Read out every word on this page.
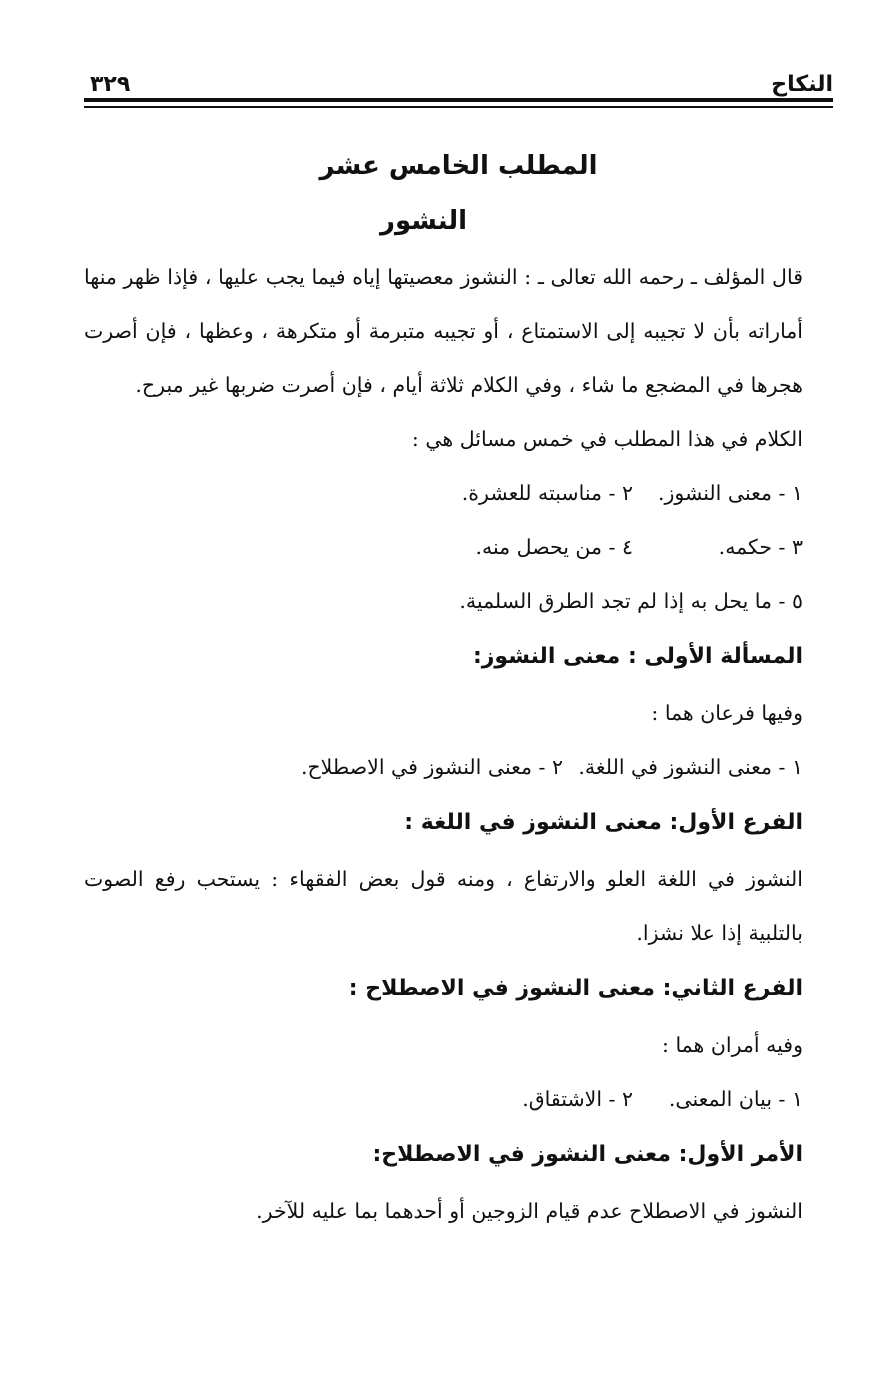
النكاح
٣٢٩
المطلب الخامس عشر
النشور

قال المؤلف ـ رحمه الله تعالى ـ : النشوز معصيتها إياه فيما يجب عليها ، فإذا ظهر منها أماراته بأن لا تجيبه إلى الاستمتاع ، أو تجيبه متبرمة أو متكرهة ، وعظها ، فإن أصرت هجرها في المضجع ما شاء ، وفي الكلام ثلاثة أيام ، فإن أصرت ضربها غير مبرح.

الكلام في هذا المطلب في خمس مسائل هي :

١ - معنى النشوز.
٢ - مناسبته للعشرة.
٣ - حكمه.
٤ - من يحصل منه.

٥ - ما يحل به إذا لم تجد الطرق السلمية.

المسألة الأولى : معنى النشوز:

وفيها فرعان هما :

١ - معنى النشوز في اللغة.
٢ - معنى النشوز في الاصطلاح.
الفرع الأول: معنى النشوز في اللغة :

النشوز في اللغة العلو والارتفاع ، ومنه قول بعض الفقهاء : يستحب رفع الصوت بالتلبية إذا علا نشزا.

الفرع الثاني: معنى النشوز في الاصطلاح :

وفيه أمران هما :

١ - بيان المعنى.
٢ - الاشتقاق.
الأمر الأول: معنى النشوز في الاصطلاح:

النشوز في الاصطلاح عدم قيام الزوجين أو أحدهما بما عليه للآخر.
